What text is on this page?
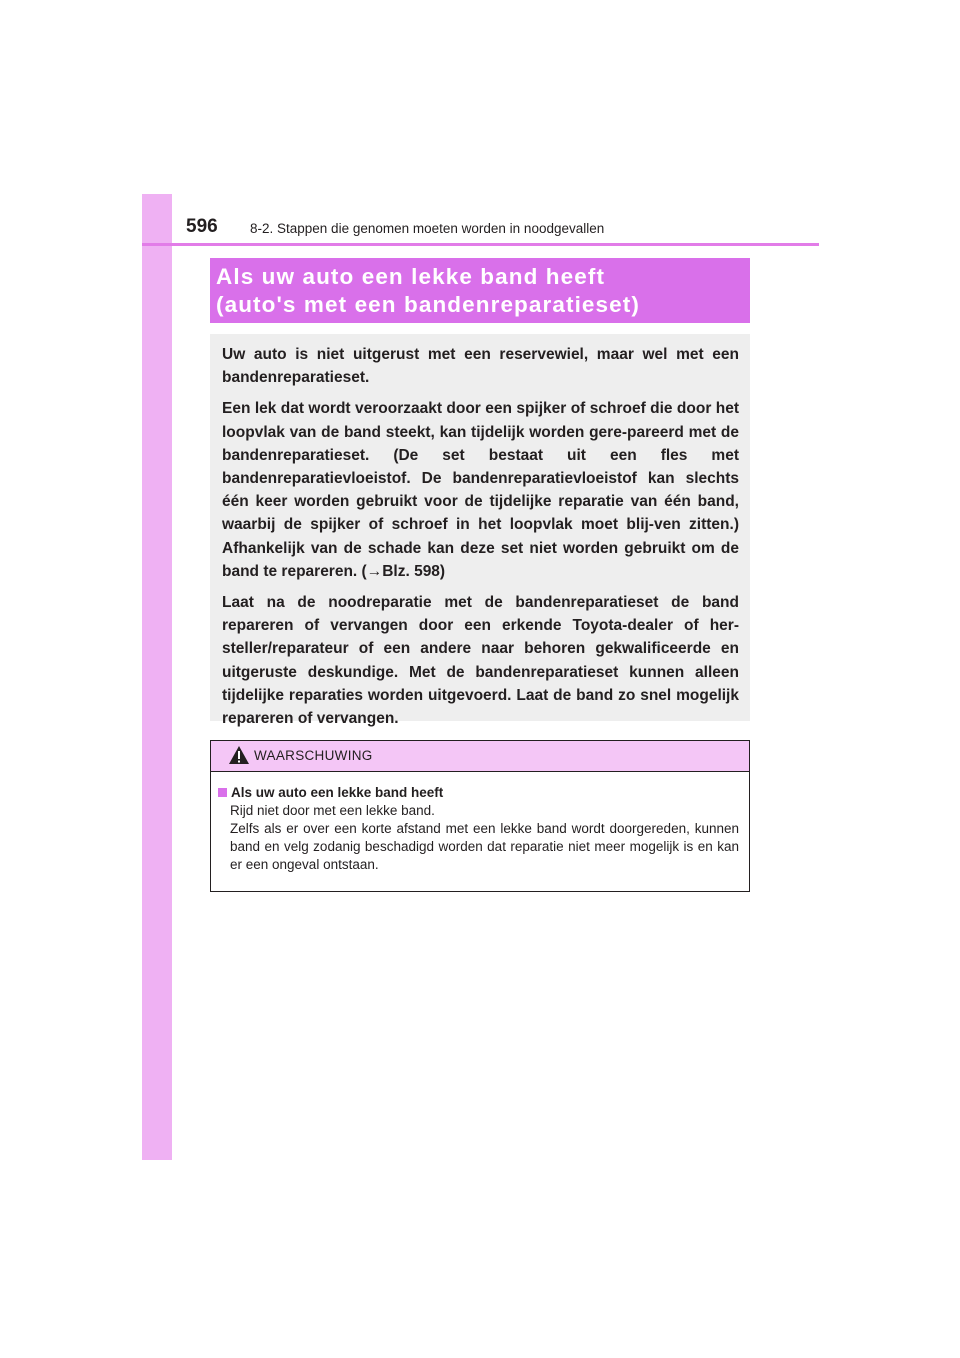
596 8-2. Stappen die genomen moeten worden in noodgevallen
Als uw auto een lekke band heeft
(auto's met een bandenreparatieset)

Uw auto is niet uitgerust met een reservewiel, maar wel met een bandenreparatieset.

Een lek dat wordt veroorzaakt door een spijker of schroef die door het loopvlak van de band steekt, kan tijdelijk worden gere-pareerd met de bandenreparatieset. (De set bestaat uit een fles met bandenreparatievloeistof. De bandenreparatievloeistof kan slechts één keer worden gebruikt voor de tijdelijke reparatie van één band, waarbij de spijker of schroef in het loopvlak moet blij-ven zitten.) Afhankelijk van de schade kan deze set niet worden gebruikt om de band te repareren. (→Blz. 598)

Laat na de noodreparatie met de bandenreparatieset de band repareren of vervangen door een erkende Toyota-dealer of her-steller/reparateur of een andere naar behoren gekwalificeerde en uitgeruste deskundige. Met de bandenreparatieset kunnen alleen tijdelijke reparaties worden uitgevoerd. Laat de band zo snel mogelijk repareren of vervangen.

WAARSCHUWING
Als uw auto een lekke band heeft
Rijd niet door met een lekke band.
Zelfs als er over een korte afstand met een lekke band wordt doorgereden, kunnen band en velg zodanig beschadigd worden dat reparatie niet meer mogelijk is en kan er een ongeval ontstaan.
